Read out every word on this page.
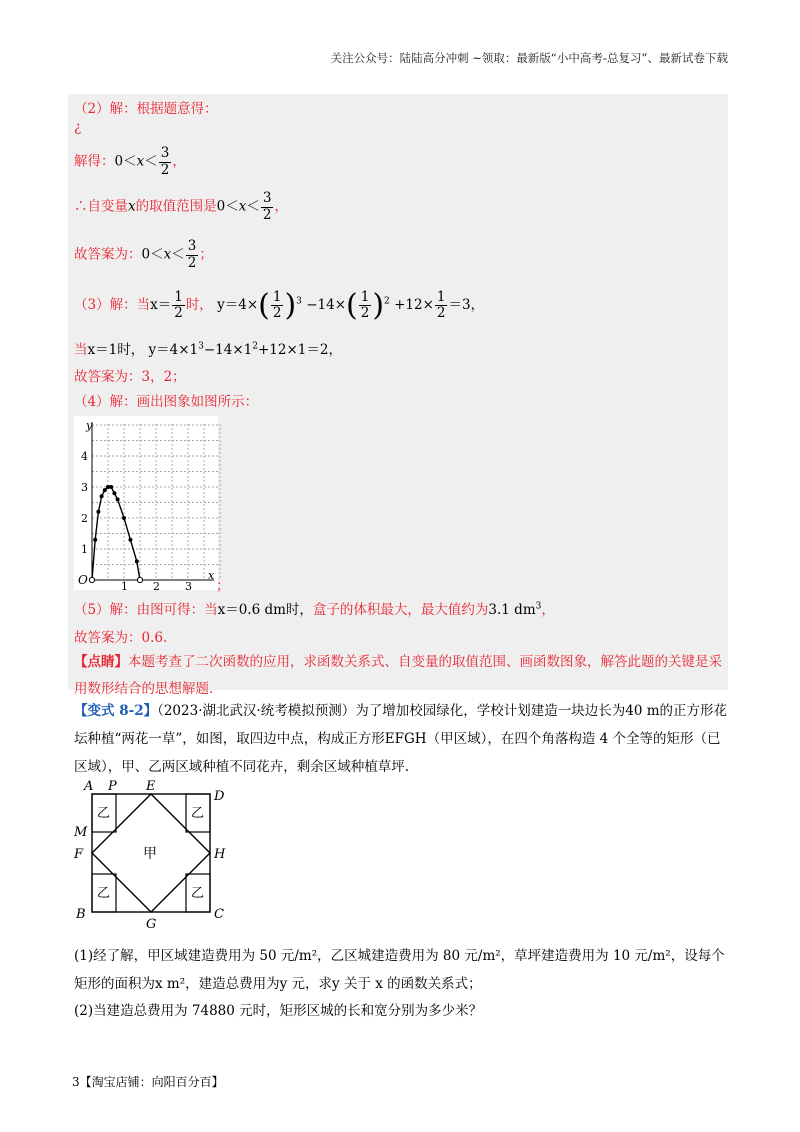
关注公众号：陆陆高分冲刺 ~领取：最新版“小中高考-总复习”、最新试卷下载
（2）解：根据题意得：
¿
解得：$0<x< \frac{3}{2}$ ，
∴自变量x的取值范围是$0<x< \frac{3}{2}$ ，
故答案为：$0<x< \frac{3}{2}$ ；
（3）解：当$x= \frac{1}{2}$ 时， $y=4\times( \frac{1}{2} )^3 -14\times( \frac{1}{2} )^2 +12\times \frac{1}{2} =3$，
当x＝1时， $y=4\times 1^3-14\times 1^2+12\times 1=2$，
故答案为：3，2；
（4）解：画出图象如图所示：
y
x
O
1
2
3
4
1 2 3 ；
（5）解：由图可得：当x＝0.6 dm时，盒子的体积最大，最大值约为3.1 $dm^3$，
故答案为：0.6.
【点睛】本题考查了二次函数的应用，求函数关系式、自变量的取值范围、画函数图象，解答此题的关键是采用数形结合的思想解题.
【变式 8-2】（2023·湖北武汉·统考模拟预测）为了增加校园绿化，学校计划建造一块边长为40 m的正方形花坛种植“两花一草”，如图，取四边中点，构成正方形EFGH（甲区域），在四个角落构造 4 个全等的矩形（已区域），甲、乙两区域种植不同花卉，剩余区域种植草坪.
乙	乙
乙	乙
甲
A P E
D
M
F	H
B
G
C
(1)经了解，甲区域建造费用为 50 元/m²，乙区城建造费用为 80 元/m²，草坪建造费用为 10 元/m²，设每个矩形的面积为x m²，建造总费用为y 元，求y 关于 x 的函数关系式；
(2)当建造总费用为 74880 元时，矩形区城的长和宽分别为多少米？
3【淘宝店铺：向阳百分百】
